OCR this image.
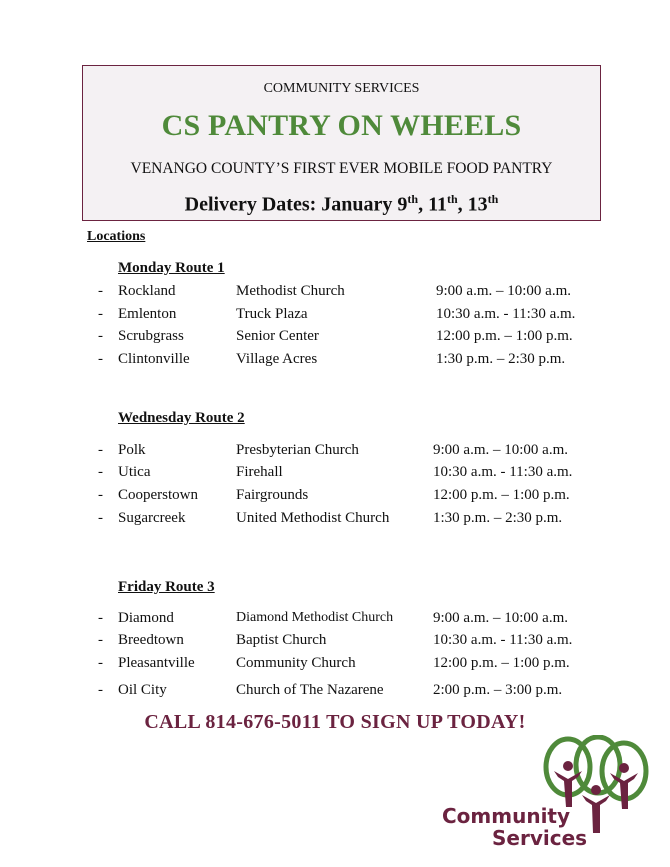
COMMUNITY SERVICES
CS PANTRY ON WHEELS
VENANGO COUNTY’S FIRST EVER MOBILE FOOD PANTRY
Delivery Dates: January 9th, 11th, 13th
Locations
Monday Route 1
- Rockland	Methodist Church	9:00 a.m. – 10:00 a.m.
- Emlenton	Truck Plaza	10:30 a.m. - 11:30 a.m.
- Scrubgrass	Senior Center	12:00 p.m. – 1:00 p.m.
- Clintonville	Village Acres	1:30 p.m. – 2:30 p.m.
Wednesday Route 2
- Polk	Presbyterian Church	9:00 a.m. – 10:00 a.m.
- Utica	Firehall	10:30 a.m. - 11:30 a.m.
- Cooperstown	Fairgrounds	12:00 p.m. – 1:00 p.m.
- Sugarcreek	United Methodist Church	1:30 p.m. – 2:30 p.m.
Friday Route 3
- Diamond	Diamond Methodist Church	9:00 a.m. – 10:00 a.m.
- Breedtown	Baptist Church	10:30 a.m. - 11:30 a.m.
- Pleasantville	Community Church	12:00 p.m. – 1:00 p.m.
- Oil City	Church of The Nazarene	2:00 p.m. – 3:00 p.m.
CALL 814-676-5011 TO SIGN UP TODAY!
Community
Services
